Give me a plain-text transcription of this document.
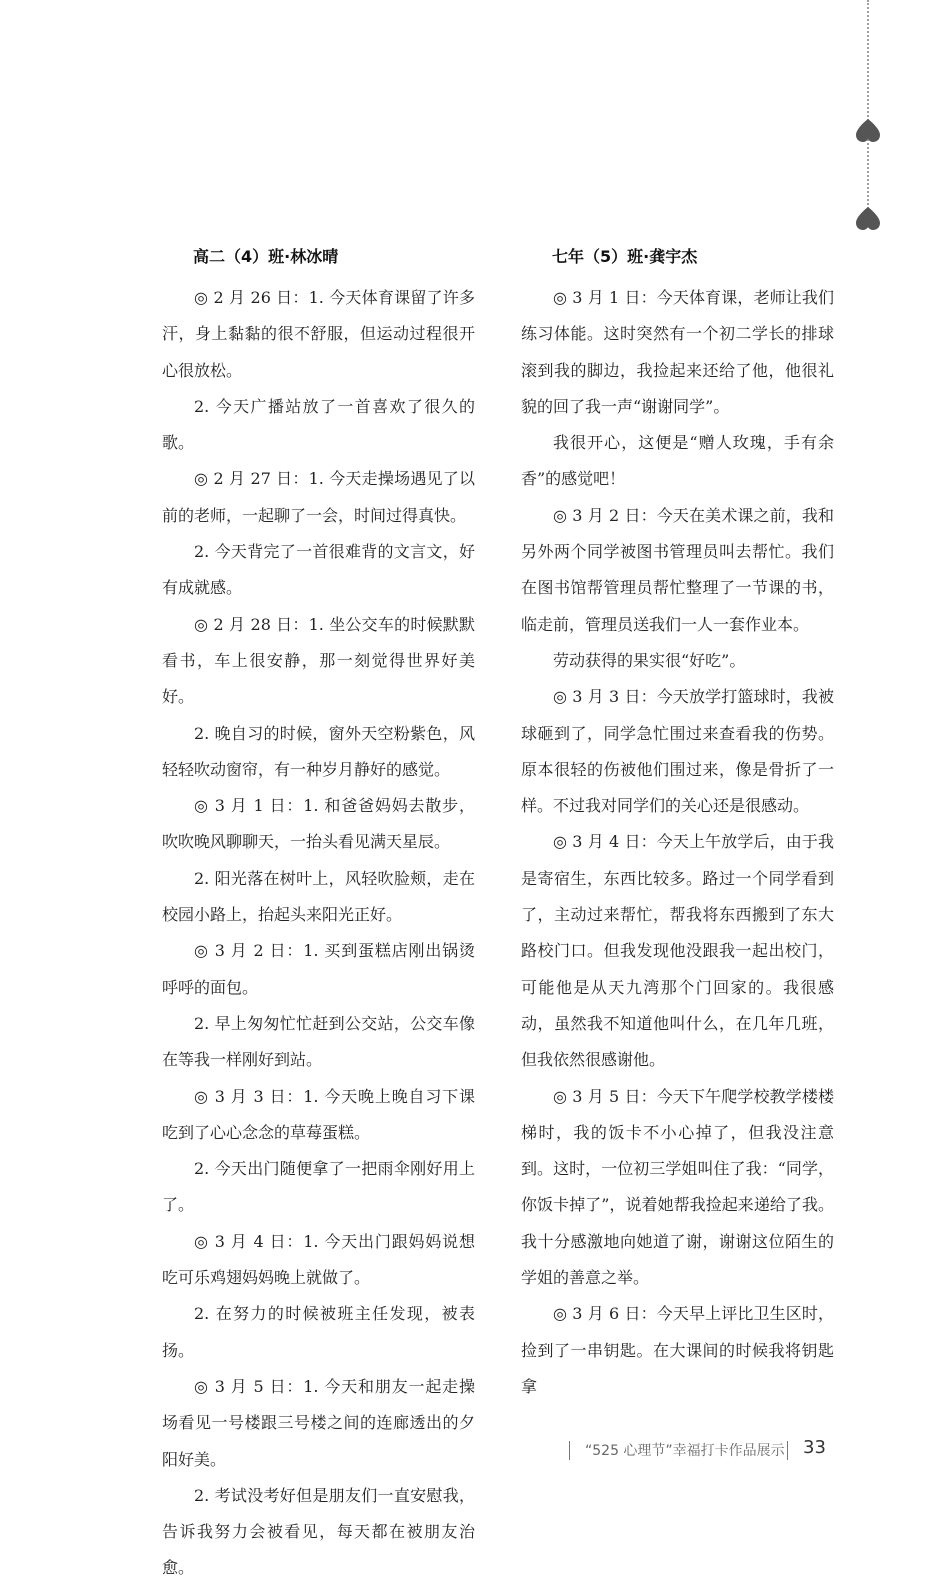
高二（4）班·林冰晴

◎ 2 月 26 日：1. 今天体育课留了许多汗，身上黏黏的很不舒服，但运动过程很开心很放松。

2. 今天广播站放了一首喜欢了很久的歌。

◎ 2 月 27 日：1. 今天走操场遇见了以前的老师，一起聊了一会，时间过得真快。

2. 今天背完了一首很难背的文言文，好有成就感。

◎ 2 月 28 日：1. 坐公交车的时候默默看书，车上很安静，那一刻觉得世界好美好。

2. 晚自习的时候，窗外天空粉紫色，风轻轻吹动窗帘，有一种岁月静好的感觉。

◎ 3 月 1 日：1. 和爸爸妈妈去散步，吹吹晚风聊聊天，一抬头看见满天星辰。

2. 阳光落在树叶上，风轻吹脸颊，走在校园小路上，抬起头来阳光正好。

◎ 3 月 2 日：1. 买到蛋糕店刚出锅烫呼呼的面包。

2. 早上匆匆忙忙赶到公交站，公交车像在等我一样刚好到站。

◎ 3 月 3 日：1. 今天晚上晚自习下课吃到了心心念念的草莓蛋糕。

2. 今天出门随便拿了一把雨伞刚好用上了。

◎ 3 月 4 日：1. 今天出门跟妈妈说想吃可乐鸡翅妈妈晚上就做了。

2. 在努力的时候被班主任发现，被表扬。

◎ 3 月 5 日：1. 今天和朋友一起走操场看见一号楼跟三号楼之间的连廊透出的夕阳好美。

2. 考试没考好但是朋友们一直安慰我，告诉我努力会被看见，每天都在被朋友治愈。

七年（5）班·龚宇杰

◎ 3 月 1 日：今天体育课，老师让我们练习体能。这时突然有一个初二学长的排球滚到我的脚边，我捡起来还给了他，他很礼貌的回了我一声“谢谢同学”。

我很开心，这便是“赠人玫瑰，手有余香”的感觉吧！

◎ 3 月 2 日：今天在美术课之前，我和另外两个同学被图书管理员叫去帮忙。我们在图书馆帮管理员帮忙整理了一节课的书，临走前，管理员送我们一人一套作业本。

劳动获得的果实很“好吃”。

◎ 3 月 3 日：今天放学打篮球时，我被球砸到了，同学急忙围过来查看我的伤势。原本很轻的伤被他们围过来，像是骨折了一样。不过我对同学们的关心还是很感动。

◎ 3 月 4 日：今天上午放学后，由于我是寄宿生，东西比较多。路过一个同学看到了，主动过来帮忙，帮我将东西搬到了东大路校门口。但我发现他没跟我一起出校门，可能他是从天九湾那个门回家的。我很感动，虽然我不知道他叫什么，在几年几班，但我依然很感谢他。

◎ 3 月 5 日：今天下午爬学校教学楼楼梯时，我的饭卡不小心掉了，但我没注意到。这时，一位初三学姐叫住了我：“同学，你饭卡掉了”，说着她帮我捡起来递给了我。我十分感激地向她道了谢，谢谢这位陌生的学姐的善意之举。

◎ 3 月 6 日：今天早上评比卫生区时，捡到了一串钥匙。在大课间的时候我将钥匙拿

“525 心理节”幸福打卡作品展示 33
